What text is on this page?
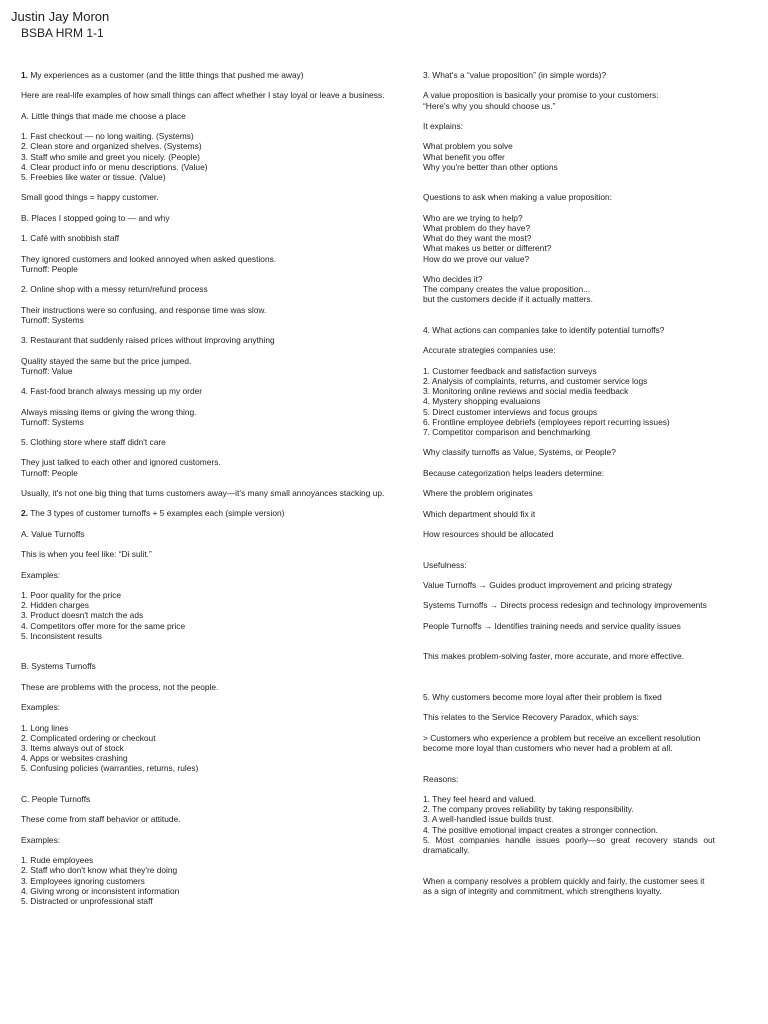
Justin Jay Moron
BSBA HRM 1-1
1. My experiences as a customer (and the little things that pushed me away)
Here are real-life examples of how small things can affect whether I stay loyal or leave a business.
A. Little things that made me choose a place
1. Fast checkout — no long waiting. (Systems)
2. Clean store and organized shelves. (Systems)
3. Staff who smile and greet you nicely. (People)
4. Clear product info or menu descriptions. (Value)
5. Freebies like water or tissue. (Value)
Small good things = happy customer.
B. Places I stopped going to — and why
1. Café with snobbish staff
They ignored customers and looked annoyed when asked questions.
Turnoff: People
2. Online shop with a messy return/refund process
Their instructions were so confusing, and response time was slow.
Turnoff: Systems
3. Restaurant that suddenly raised prices without improving anything
Quality stayed the same but the price jumped.
Turnoff: Value
4. Fast-food branch always messing up my order
Always missing items or giving the wrong thing.
Turnoff: Systems
5. Clothing store where staff didn't care
They just talked to each other and ignored customers.
Turnoff: People
Usually, it's not one big thing that turns customers away—it's many small annoyances stacking up.
2. The 3 types of customer turnoffs + 5 examples each (simple version)
A. Value Turnoffs
This is when you feel like: “Di sulit.”
Examples:
1. Poor quality for the price
2. Hidden charges
3. Product doesn't match the ads
4. Competitors offer more for the same price
5. Inconsistent results
B. Systems Turnoffs
These are problems with the process, not the people.
Examples:
1. Long lines
2. Complicated ordering or checkout
3. Items always out of stock
4. Apps or websites crashing
5. Confusing policies (warranties, returns, rules)
C. People Turnoffs
These come from staff behavior or attitude.
Examples:
1. Rude employees
2. Staff who don't know what they're doing
3. Employees ignoring customers
4. Giving wrong or inconsistent information
5. Distracted or unprofessional staff
3. What's a “value proposition” (in simple words)?
A value proposition is basically your promise to your customers:
“Here's why you should choose us.”
It explains:
What problem you solve
What benefit you offer
Why you're better than other options
Questions to ask when making a value proposition:
Who are we trying to help?
What problem do they have?
What do they want the most?
What makes us better or different?
How do we prove our value?
Who decides it?
The company creates the value proposition...
but the customers decide if it actually matters.
4. What actions can companies take to identify potential turnoffs?
Accurate strategies companies use:
1. Customer feedback and satisfaction surveys
2. Analysis of complaints, returns, and customer service logs
3. Monitoring online reviews and social media feedback
4. Mystery shopping evaluaions
5. Direct customer interviews and focus groups
6. Frontline employee debriefs (employees report recurring issues)
7. Competitor comparison and benchmarking
Why classify turnoffs as Value, Systems, or People?
Because categorization helps leaders determine:
Where the problem originates
Which department should fix it
How resources should be allocated
Usefulness:
Value Turnoffs → Guides product improvement and pricing strategy
Systems Turnoffs → Directs process redesign and technology improvements
People Turnoffs → Identifies training needs and service quality issues
This makes problem-solving faster, more accurate, and more effective.
5. Why customers become more loyal after their problem is fixed
This relates to the Service Recovery Paradox, which says:
> Customers who experience a problem but receive an excellent resolution
become more loyal than customers who never had a problem at all.
Reasons:
1. They feel heard and valued.
2. The company proves reliability by taking responsibility.
3. A well-handled issue builds trust.
4. The positive emotional impact creates a stronger connection.
5. Most companies handle issues poorly—so great recovery stands out dramatically.
When a company resolves a problem quickly and fairly, the customer sees it
as a sign of integrity and commitment, which strengthens loyalty.
